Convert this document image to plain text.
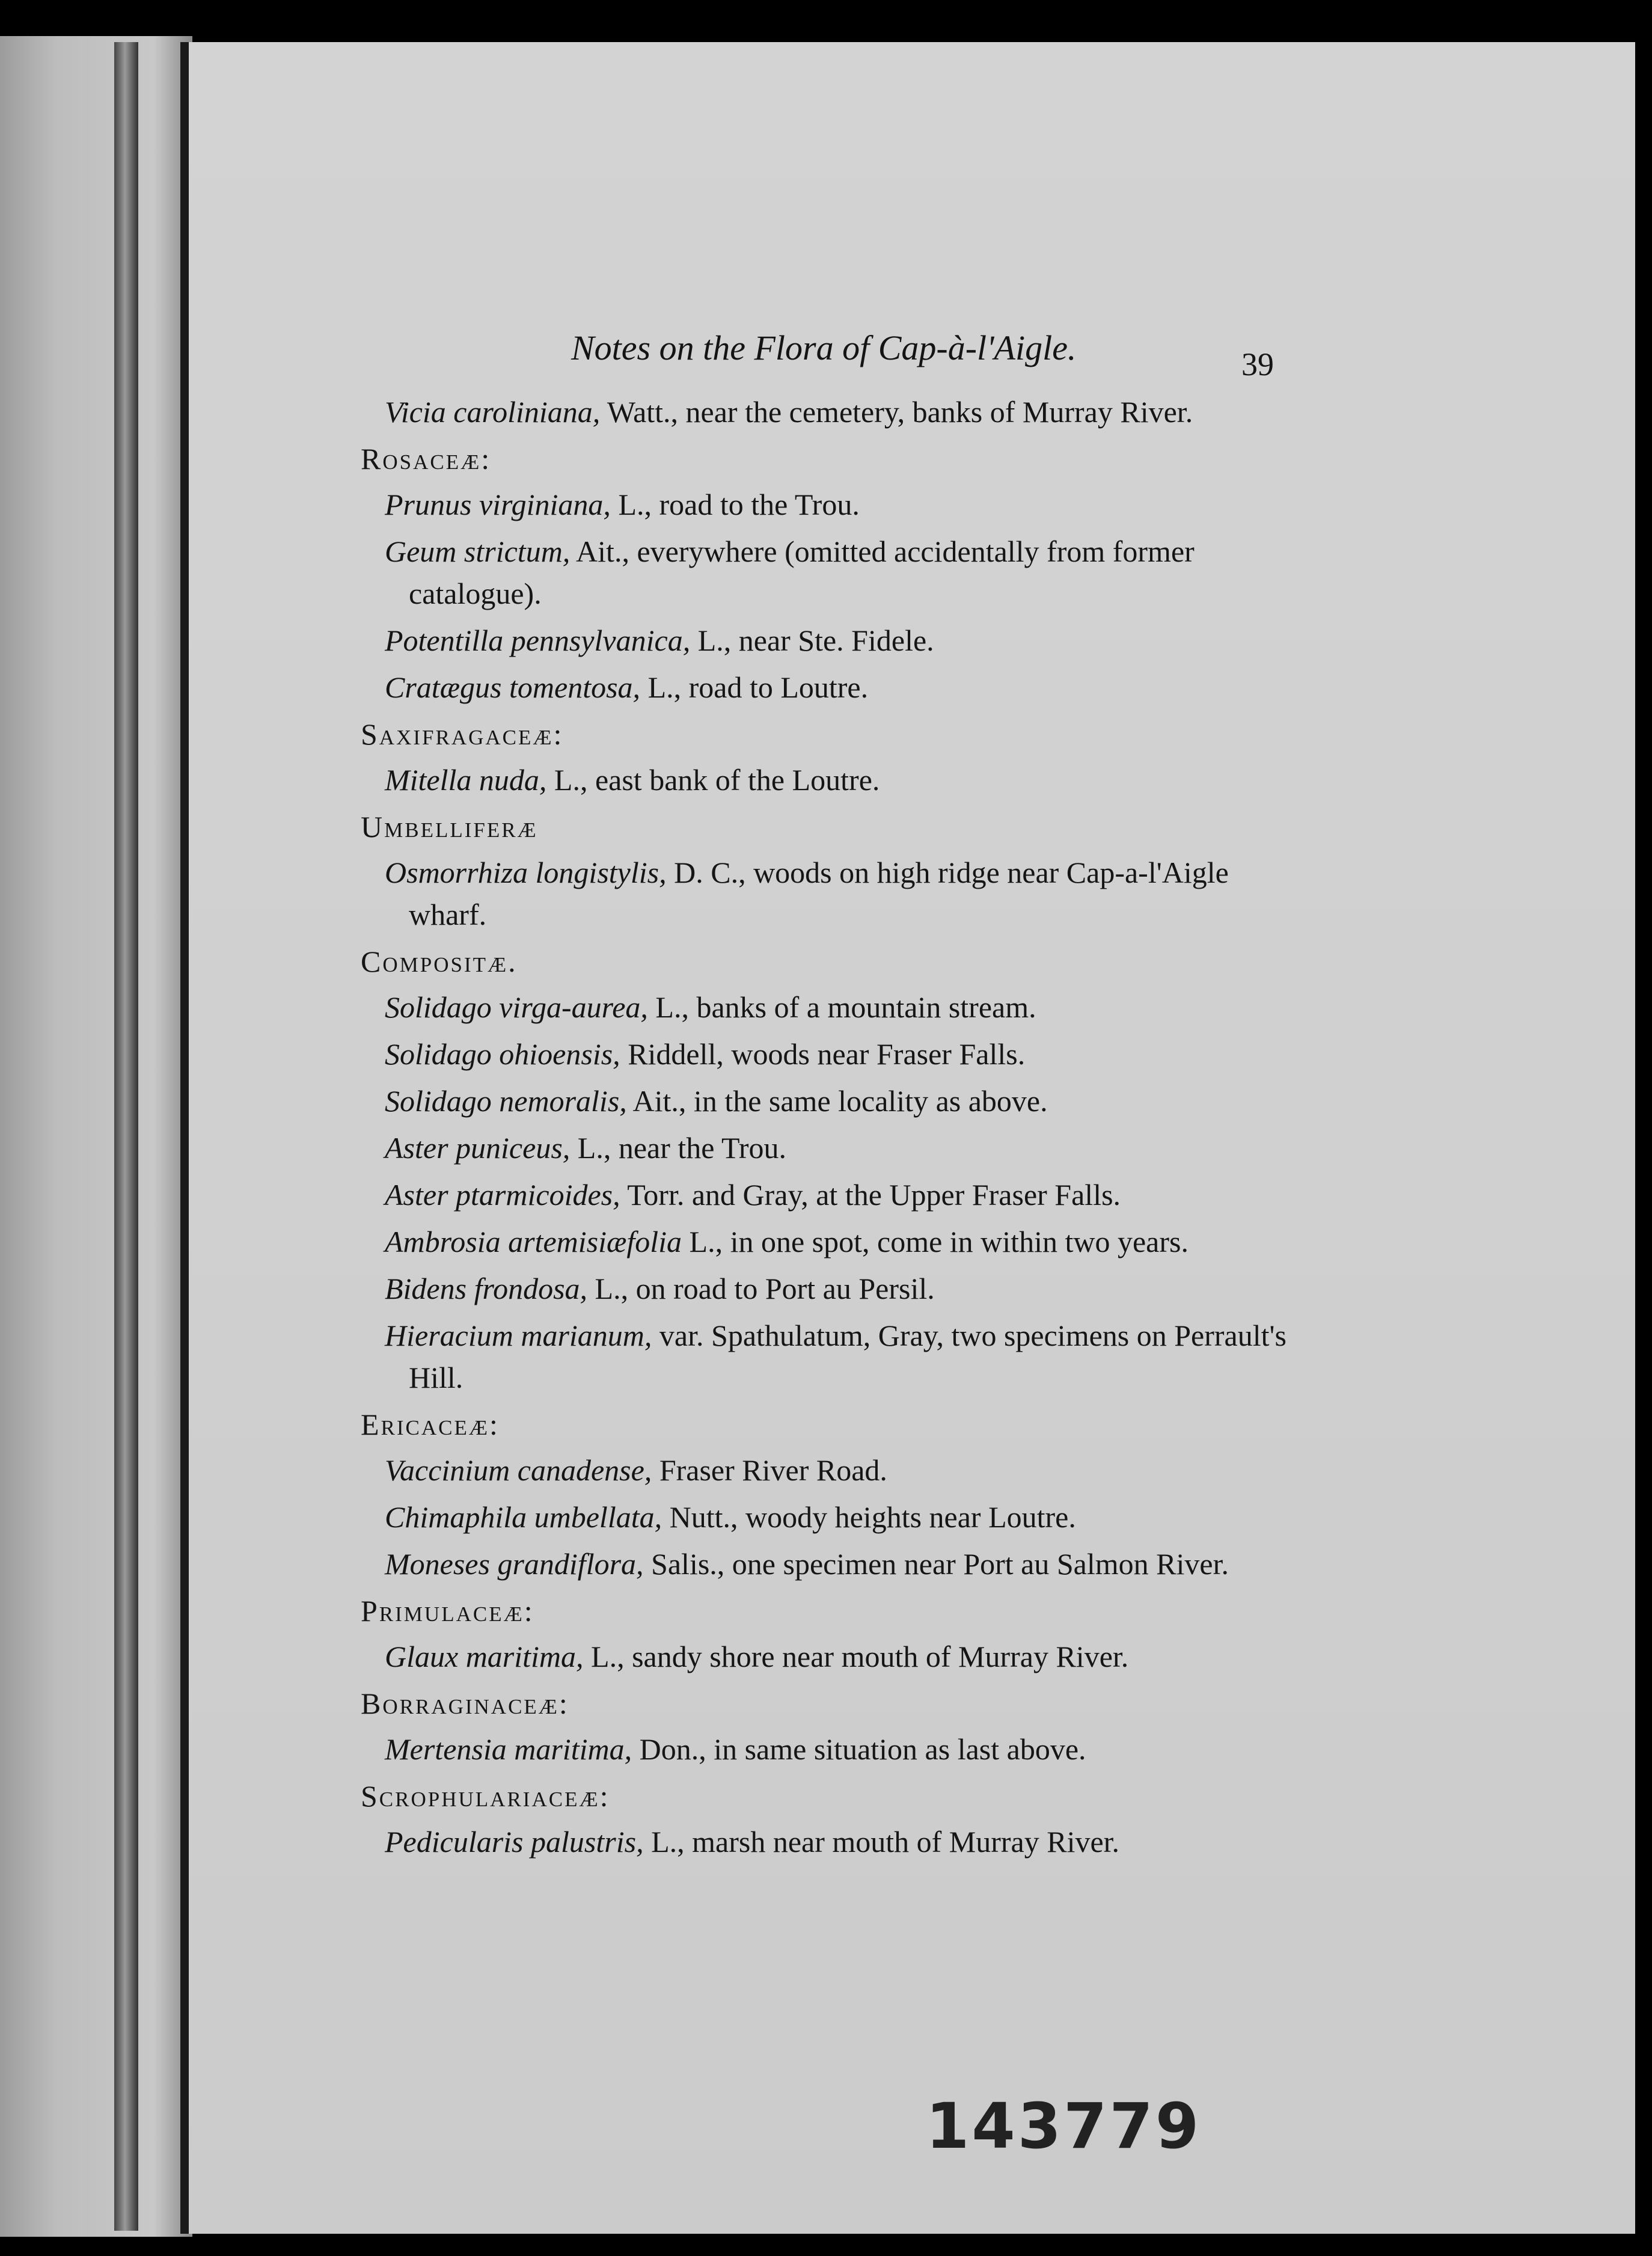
Notes on the Flora of Cap-à-l'Aigle.	39
Vicia caroliniana, Watt., near the cemetery, banks of Murray River.
Rosaceæ:
Prunus virginiana, L., road to the Trou.
Geum strictum, Ait., everywhere (omitted accidentally from former catalogue).
Potentilla pennsylvanica, L., near Ste. Fidele.
Cratægus tomentosa, L., road to Loutre.
Saxifragaceæ:
Mitella nuda, L., east bank of the Loutre.
Umbelliferæ
Osmorrhiza longistylis, D. C., woods on high ridge near Cap-a-l'Aigle wharf.
Compositæ.
Solidago virga-aurea, L., banks of a mountain stream.
Solidago ohioensis, Riddell, woods near Fraser Falls.
Solidago nemoralis, Ait., in the same locality as above.
Aster puniceus, L., near the Trou.
Aster ptarmicoides, Torr. and Gray, at the Upper Fraser Falls.
Ambrosia artemisiæfolia L., in one spot, come in within two years.
Bidens frondosa, L., on road to Port au Persil.
Hieracium marianum, var. Spathulatum, Gray, two specimens on Perrault's Hill.
Ericaceæ:
Vaccinium canadense, Fraser River Road.
Chimaphila umbellata, Nutt., woody heights near Loutre.
Moneses grandiflora, Salis., one specimen near Port au Salmon River.
Primulaceæ:
Glaux maritima, L., sandy shore near mouth of Murray River.
Borraginaceæ:
Mertensia maritima, Don., in same situation as last above.
Scrophulariaceæ:
Pedicularis palustris, L., marsh near mouth of Murray River.
143779
